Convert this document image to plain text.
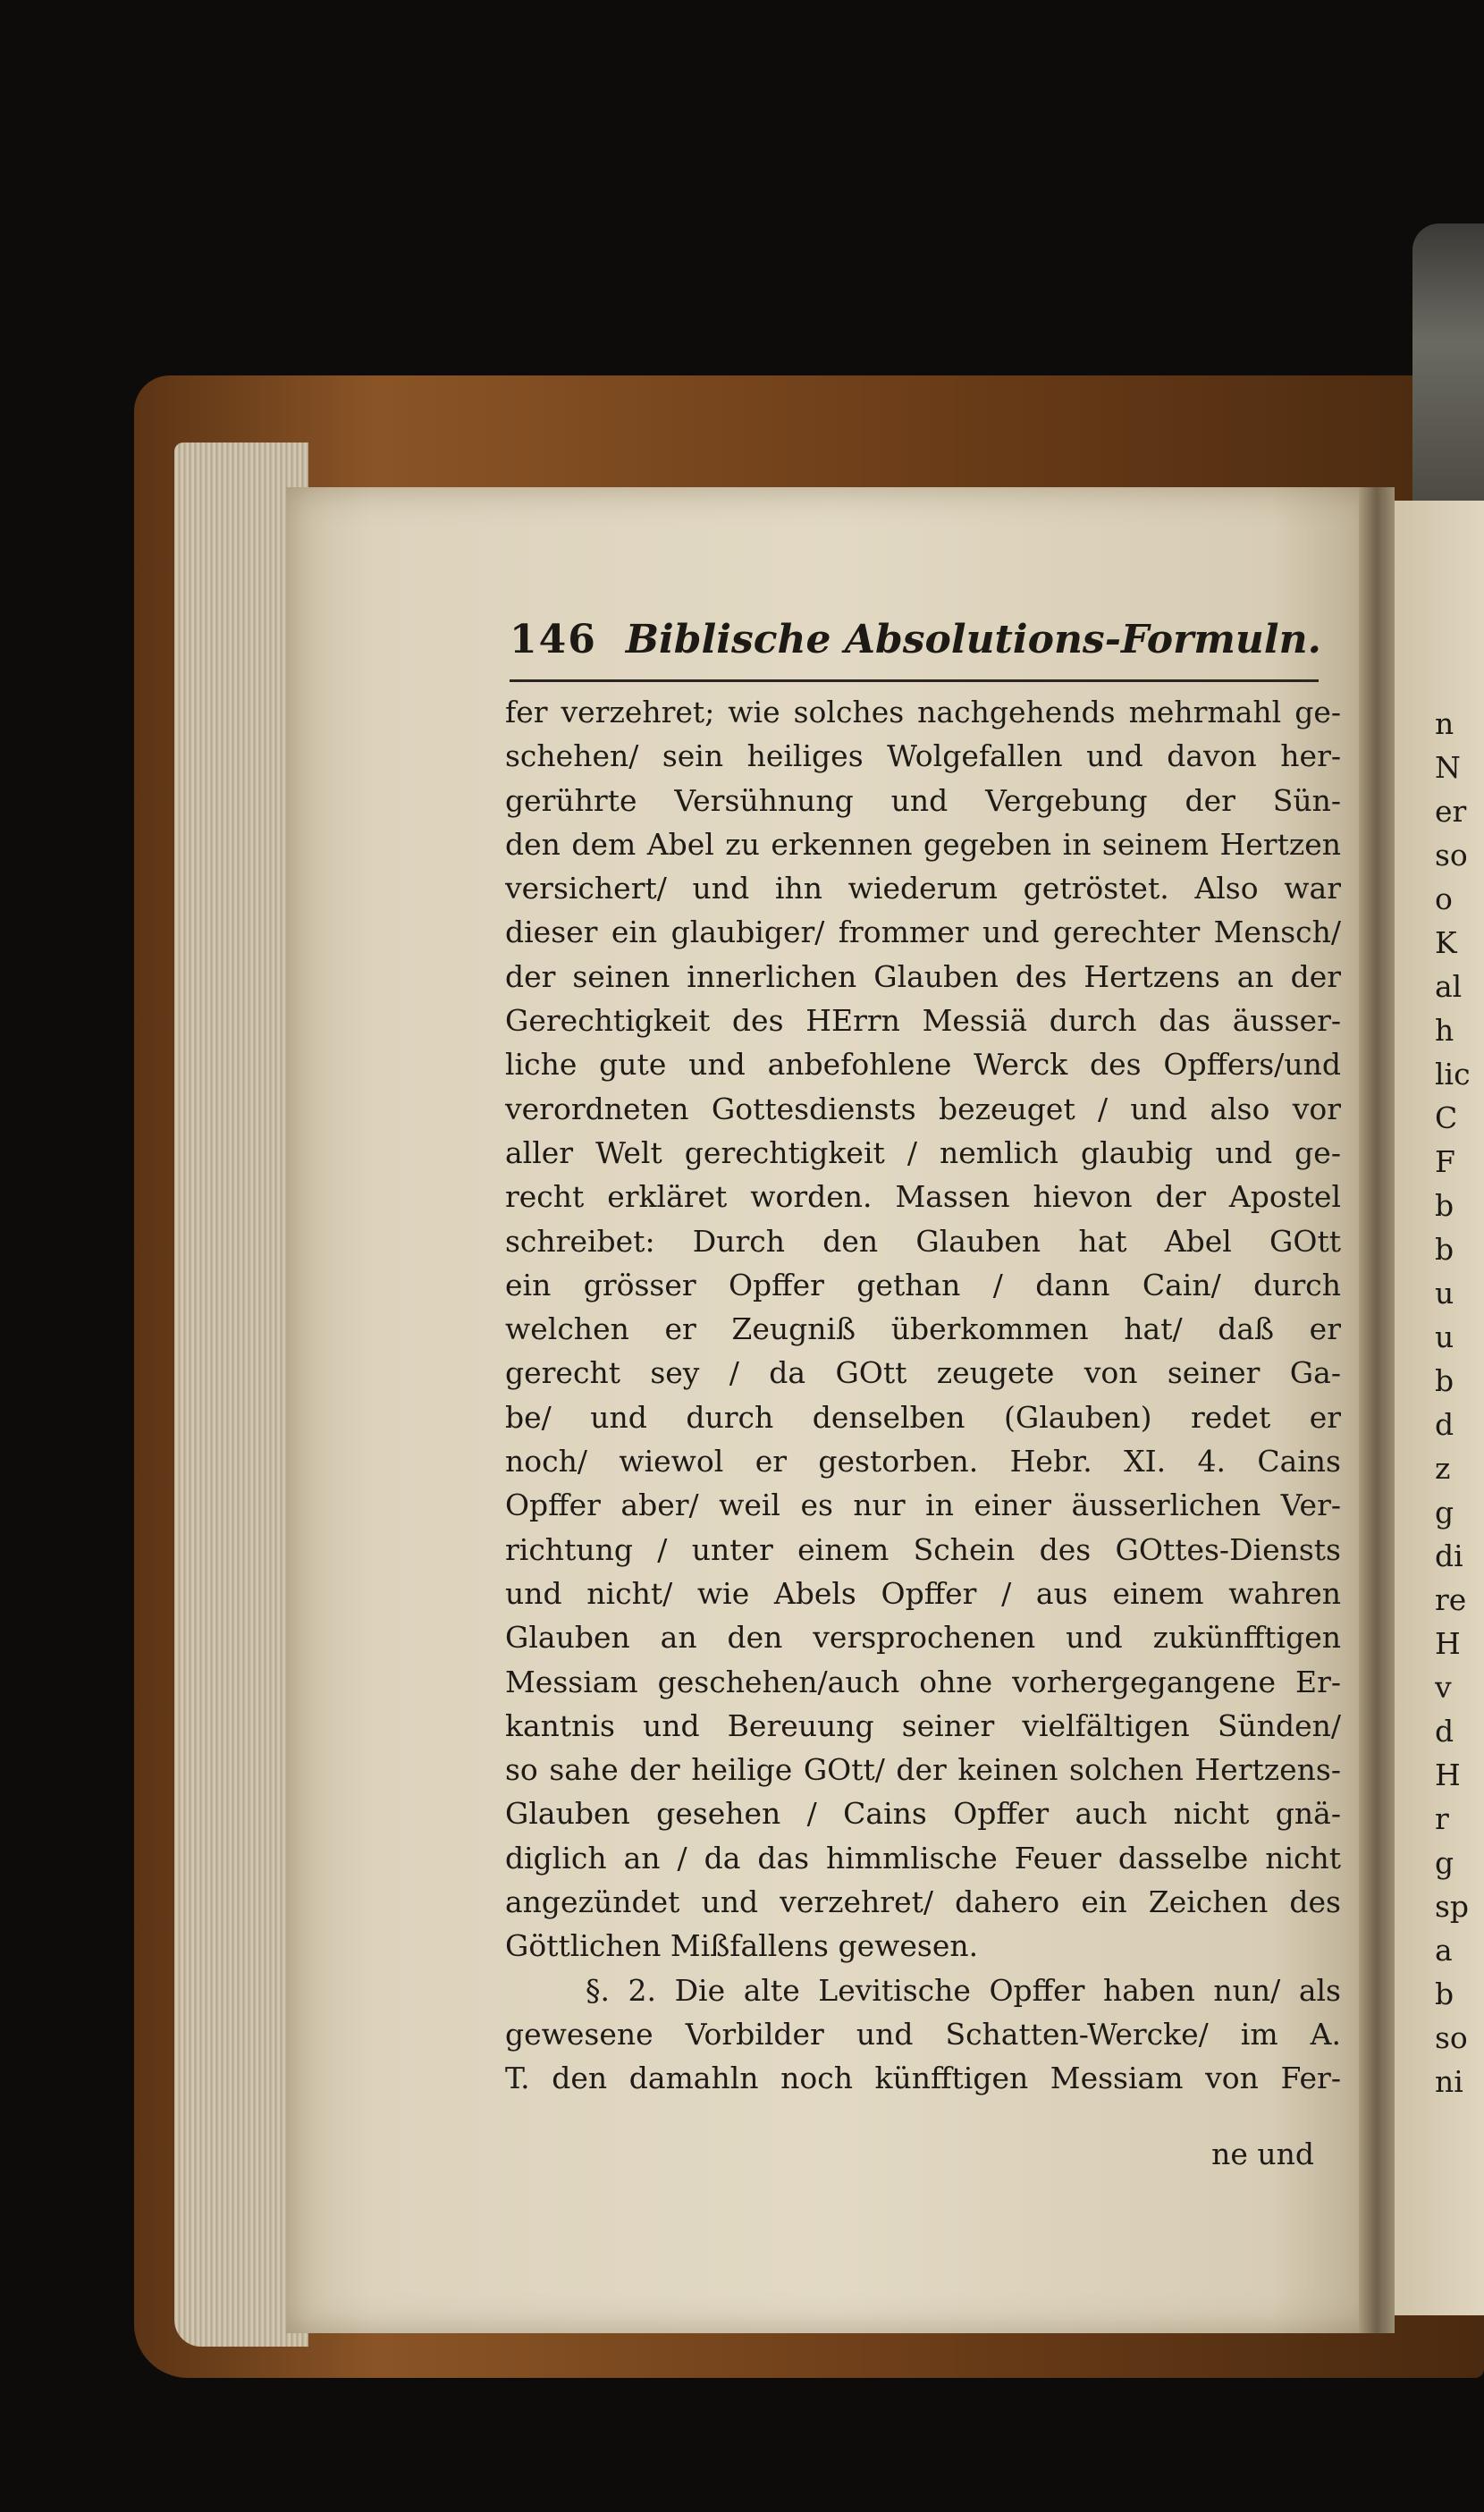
146 Biblische Absolutions-Formuln.
fer verzehret; wie solches nachgehends mehrmahl ge-
schehen/ sein heiliges Wolgefallen und davon her-
gerührte Versühnung und Vergebung der Sün-
den dem Abel zu erkennen gegeben in seinem Hertzen
versichert/ und ihn wiederum getröstet. Also war
dieser ein glaubiger/ frommer und gerechter Mensch/
der seinen innerlichen Glauben des Hertzens an der
Gerechtigkeit des HErrn Messiä durch das äusser-
liche gute und anbefohlene Werck des Opffers/und
verordneten Gottesdiensts bezeuget / und also vor
aller Welt gerechtigkeit / nemlich glaubig und ge-
recht erkläret worden. Massen hievon der Apostel
schreibet: Durch den Glauben hat Abel GOtt
ein grösser Opffer gethan / dann Cain/ durch
welchen er Zeugniß überkommen hat/ daß er
gerecht sey / da GOtt zeugete von seiner Ga-
be/ und durch denselben (Glauben) redet er
noch/ wiewol er gestorben. Hebr. XI. 4. Cains
Opffer aber/ weil es nur in einer äusserlichen Ver-
richtung / unter einem Schein des GOttes-Diensts
und nicht/ wie Abels Opffer / aus einem wahren
Glauben an den versprochenen und zukünfftigen
Messiam geschehen/auch ohne vorhergegangene Er-
kantnis und Bereuung seiner vielfältigen Sünden/
so sahe der heilige GOtt/ der keinen solchen Hertzens-
Glauben gesehen / Cains Opffer auch nicht gnä-
diglich an / da das himmlische Feuer dasselbe nicht
angezündet und verzehret/ dahero ein Zeichen des
Göttlichen Mißfallens gewesen.
§. 2. Die alte Levitische Opffer haben nun/ als
gewesene Vorbilder und Schatten-Wercke/ im A.
T. den damahln noch künfftigen Messiam von Fer-
ne und
n
N
er
so
o
K
al
h
lic
C
F
b
b
u
u
b
d
z
g
di
re
H
v
d
H
r
g
sp
a
b
so
ni
